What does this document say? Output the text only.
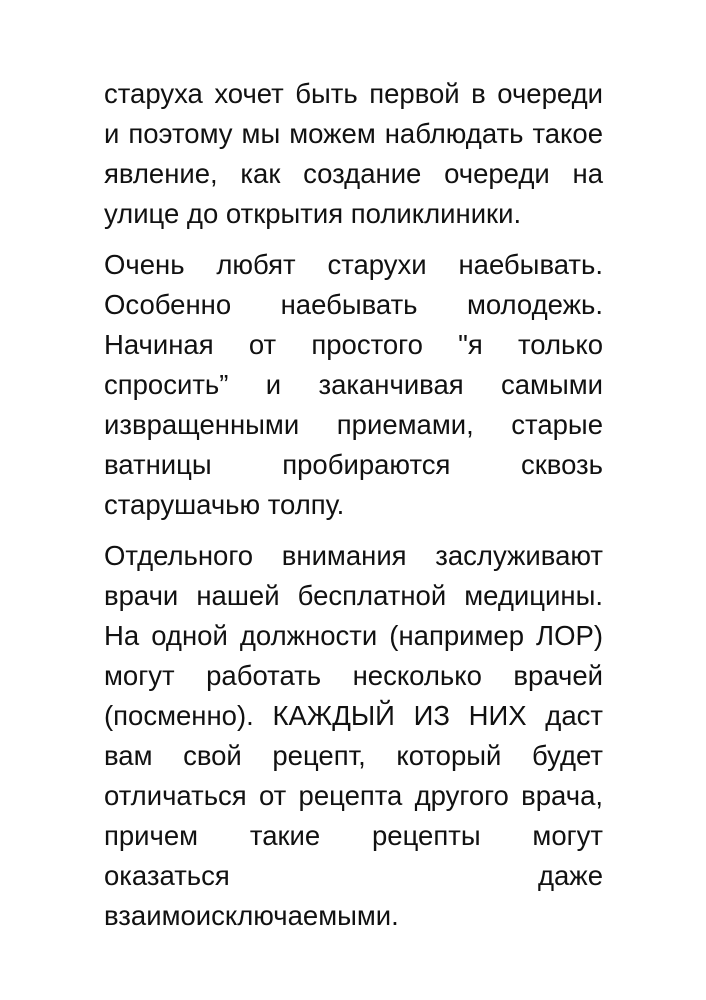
старуха хочет быть первой в очереди и поэтому мы можем наблюдать такое явление, как создание очереди на улице до открытия поликлиники.

Очень любят старухи наебывать. Особенно наебывать молодежь. Начиная от простого "я только спросить” и заканчивая самыми извращенными приемами, старые ватницы пробираются сквозь старушачью толпу.

Отдельного внимания заслуживают врачи нашей бесплатной медицины. На одной должности (например ЛОР) могут работать несколько врачей (посменно). КАЖДЫЙ ИЗ НИХ даст вам свой рецепт, который будет отличаться от рецепта другого врача, причем такие рецепты могут оказаться даже взаимоисключаемыми.
